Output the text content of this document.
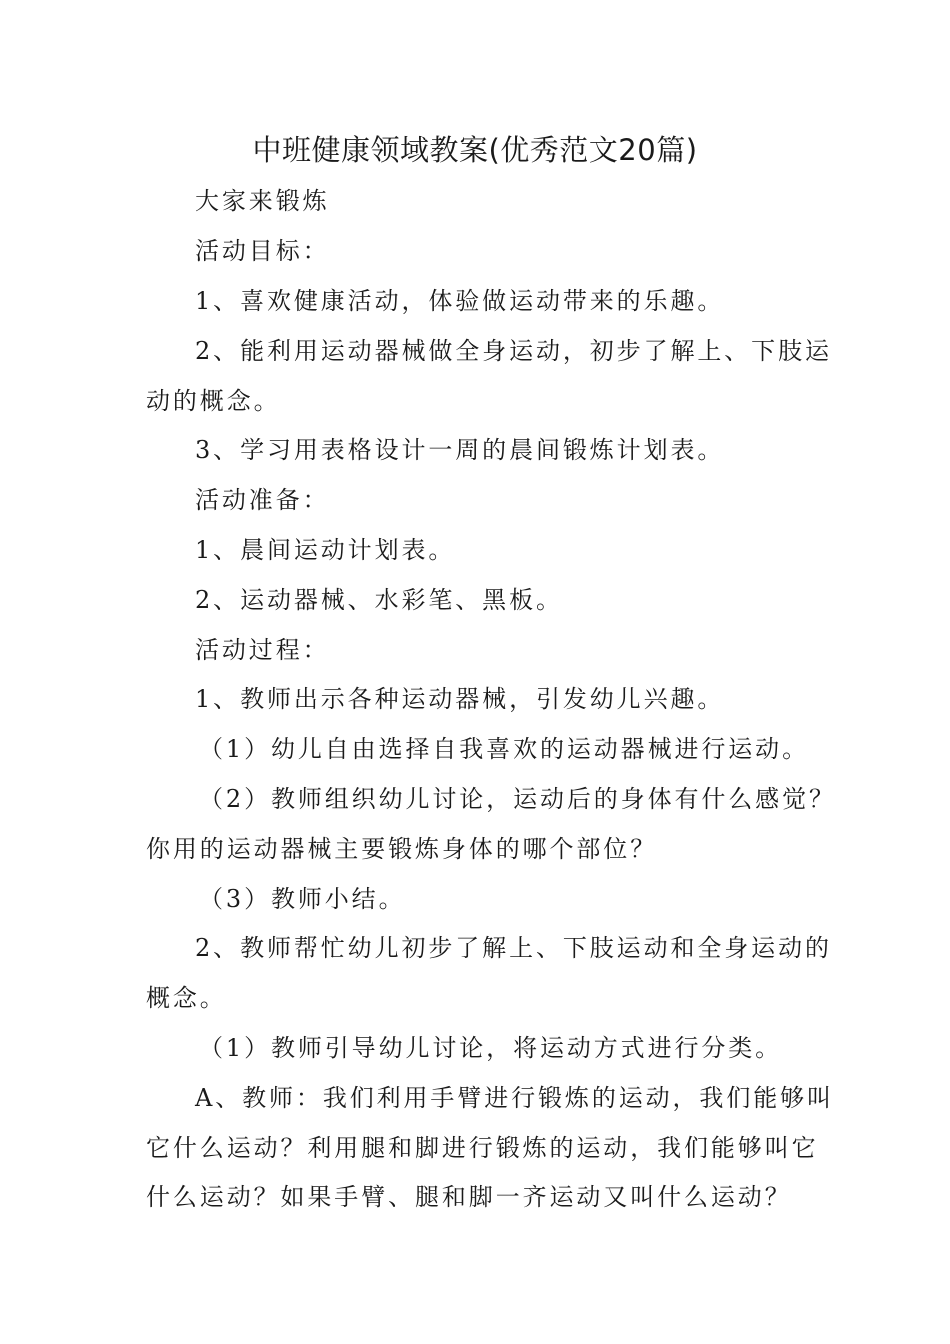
中班健康领域教案(优秀范文20篇)
大家来锻炼
活动目标：
1、喜欢健康活动，体验做运动带来的乐趣。
2、能利用运动器械做全身运动，初步了解上、下肢运
动的概念。
3、学习用表格设计一周的晨间锻炼计划表。
活动准备：
1、晨间运动计划表。
2、运动器械、水彩笔、黑板。
活动过程：
1、教师出示各种运动器械，引发幼儿兴趣。
（1）幼儿自由选择自我喜欢的运动器械进行运动。
（2）教师组织幼儿讨论，运动后的身体有什么感觉？
你用的运动器械主要锻炼身体的哪个部位？
（3）教师小结。
2、教师帮忙幼儿初步了解上、下肢运动和全身运动的
概念。
（1）教师引导幼儿讨论，将运动方式进行分类。
A、教师：我们利用手臂进行锻炼的运动，我们能够叫
它什么运动？利用腿和脚进行锻炼的运动，我们能够叫它
什么运动？如果手臂、腿和脚一齐运动又叫什么运动？
